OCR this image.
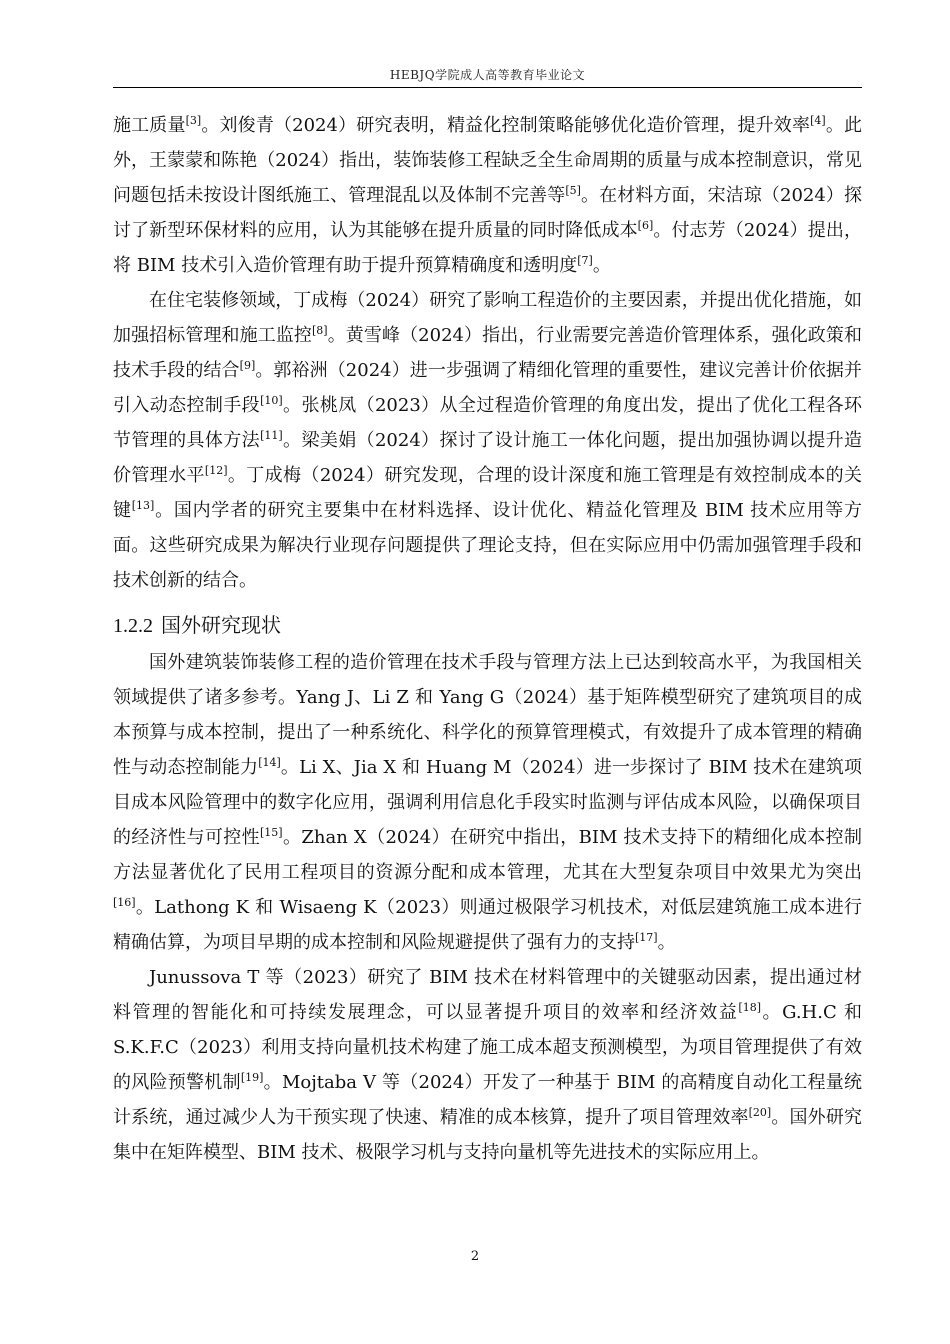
HEBJQ学院成人高等教育毕业论文

施工质量[3]。刘俊青（2024）研究表明，精益化控制策略能够优化造价管理，提升效率[4]。此外，王蒙蒙和陈艳（2024）指出，装饰装修工程缺乏全生命周期的质量与成本控制意识，常见问题包括未按设计图纸施工、管理混乱以及体制不完善等[5]。在材料方面，宋洁琼（2024）探讨了新型环保材料的应用，认为其能够在提升质量的同时降低成本[6]。付志芳（2024）提出，将 BIM 技术引入造价管理有助于提升预算精确度和透明度[7]。

在住宅装修领域，丁成梅（2024）研究了影响工程造价的主要因素，并提出优化措施，如加强招标管理和施工监控[8]。黄雪峰（2024）指出，行业需要完善造价管理体系，强化政策和技术手段的结合[9]。郭裕洲（2024）进一步强调了精细化管理的重要性，建议完善计价依据并引入动态控制手段[10]。张桃凤（2023）从全过程造价管理的角度出发，提出了优化工程各环节管理的具体方法[11]。梁美娟（2024）探讨了设计施工一体化问题，提出加强协调以提升造价管理水平[12]。丁成梅（2024）研究发现，合理的设计深度和施工管理是有效控制成本的关键[13]。国内学者的研究主要集中在材料选择、设计优化、精益化管理及 BIM 技术应用等方面。这些研究成果为解决行业现存问题提供了理论支持，但在实际应用中仍需加强管理手段和技术创新的结合。

1.2.2 国外研究现状

国外建筑装饰装修工程的造价管理在技术手段与管理方法上已达到较高水平，为我国相关领域提供了诸多参考。Yang J、Li Z 和 Yang G（2024）基于矩阵模型研究了建筑项目的成本预算与成本控制，提出了一种系统化、科学化的预算管理模式，有效提升了成本管理的精确性与动态控制能力[14]。Li X、Jia X 和 Huang M（2024）进一步探讨了 BIM 技术在建筑项目成本风险管理中的数字化应用，强调利用信息化手段实时监测与评估成本风险，以确保项目的经济性与可控性[15]。Zhan X（2024）在研究中指出，BIM 技术支持下的精细化成本控制方法显著优化了民用工程项目的资源分配和成本管理，尤其在大型复杂项目中效果尤为突出[16]。Lathong K 和 Wisaeng K（2023）则通过极限学习机技术，对低层建筑施工成本进行精确估算，为项目早期的成本控制和风险规避提供了强有力的支持[17]。

Junussova T 等（2023）研究了 BIM 技术在材料管理中的关键驱动因素，提出通过材料管理的智能化和可持续发展理念，可以显著提升项目的效率和经济效益[18]。G.H.C 和 S.K.F.C（2023）利用支持向量机技术构建了施工成本超支预测模型，为项目管理提供了有效的风险预警机制[19]。Mojtaba V 等（2024）开发了一种基于 BIM 的高精度自动化工程量统计系统，通过减少人为干预实现了快速、精准的成本核算，提升了项目管理效率[20]。国外研究集中在矩阵模型、BIM 技术、极限学习机与支持向量机等先进技术的实际应用上。

2
